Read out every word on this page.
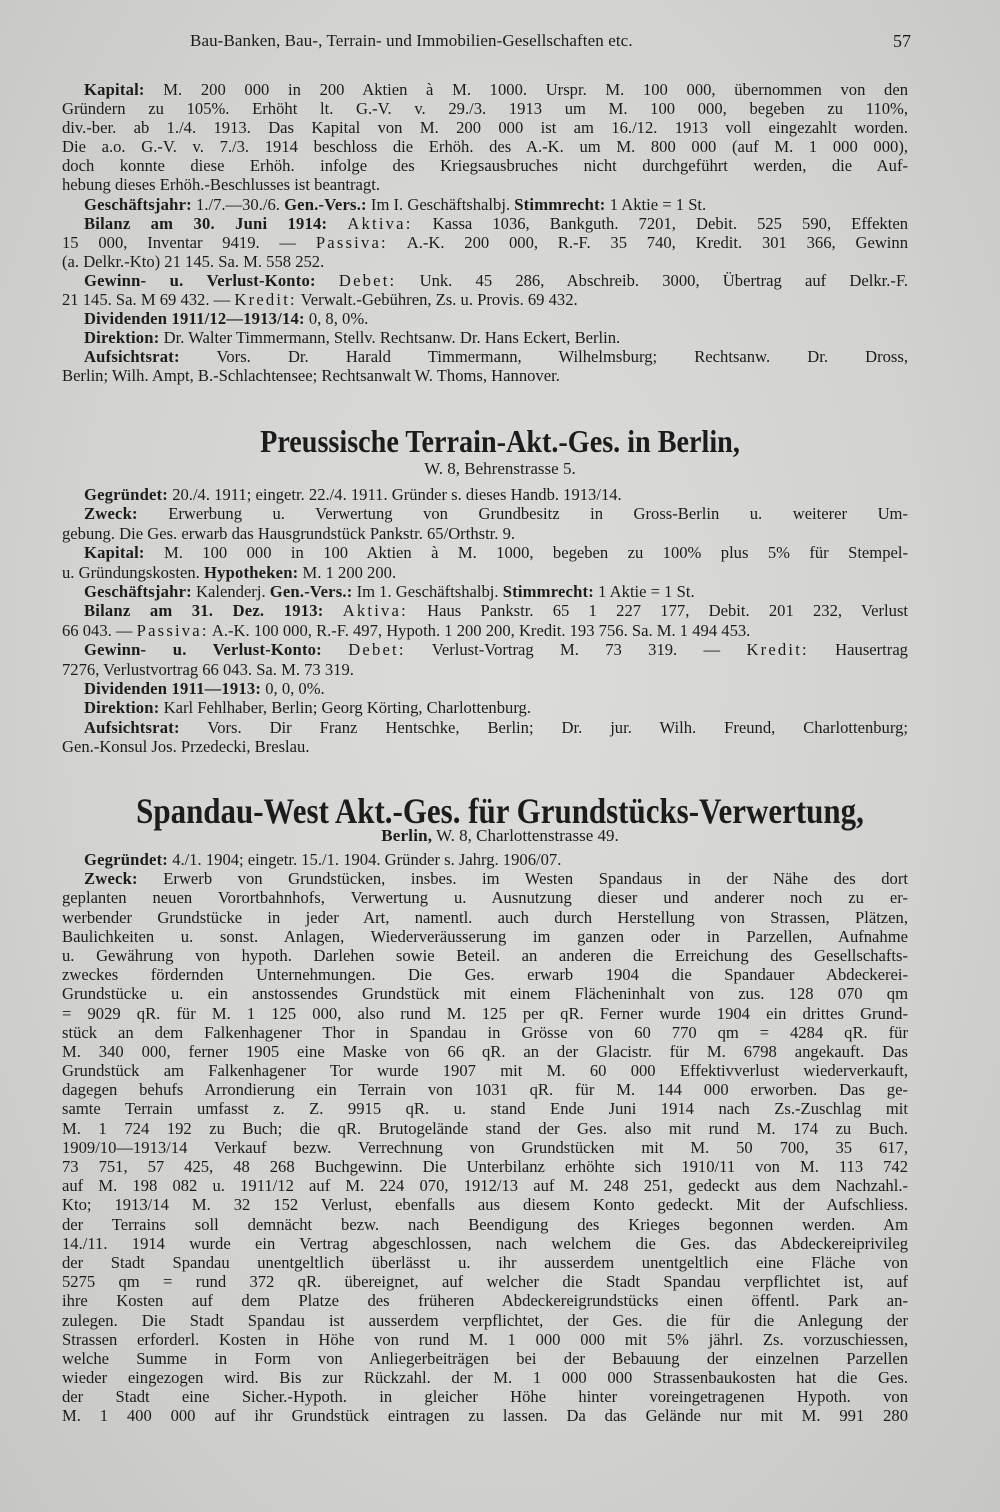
Bau-Banken, Bau-, Terrain- und Immobilien-Gesellschaften etc.	57
Kapital: M. 200 000 in 200 Aktien à M. 1000. Urspr. M. 100 000, übernommen von den
Gründern zu 105%. Erhöht lt. G.-V. v. 29./3. 1913 um M. 100 000, begeben zu 110%,
div.-ber. ab 1./4. 1913. Das Kapital von M. 200 000 ist am 16./12. 1913 voll eingezahlt worden.
Die a.o. G.-V. v. 7./3. 1914 beschloss die Erhöh. des A.-K. um M. 800 000 (auf M. 1 000 000),
doch konnte diese Erhöh. infolge des Kriegsausbruches nicht durchgeführt werden, die Auf-
hebung dieses Erhöh.-Beschlusses ist beantragt.
Geschäftsjahr: 1./7.—30./6. Gen.-Vers.: Im I. Geschäftshalbj. Stimmrecht: 1 Aktie = 1 St.
Bilanz am 30. Juni 1914: Aktiva: Kassa 1036, Bankguth. 7201, Debit. 525 590, Effekten
15 000, Inventar 9419. — Passiva: A.-K. 200 000, R.-F. 35 740, Kredit. 301 366, Gewinn
(a. Delkr.-Kto) 21 145. Sa. M. 558 252.
Gewinn- u. Verlust-Konto: Debet: Unk. 45 286, Abschreib. 3000, Übertrag auf Delkr.-F.
21 145. Sa. M 69 432. — Kredit: Verwalt.-Gebühren, Zs. u. Provis. 69 432.
Dividenden 1911/12—1913/14: 0, 8, 0%.
Direktion: Dr. Walter Timmermann, Stellv. Rechtsanw. Dr. Hans Eckert, Berlin.
Aufsichtsrat: Vors. Dr. Harald Timmermann, Wilhelmsburg; Rechtsanw. Dr. Dross,
Berlin; Wilh. Ampt, B.-Schlachtensee; Rechtsanwalt W. Thoms, Hannover.
Preussische Terrain-Akt.-Ges. in Berlin,
W. 8, Behrenstrasse 5.
Gegründet: 20./4. 1911; eingetr. 22./4. 1911. Gründer s. dieses Handb. 1913/14.
Zweck: Erwerbung u. Verwertung von Grundbesitz in Gross-Berlin u. weiterer Um-
gebung. Die Ges. erwarb das Hausgrundstück Pankstr. 65/Orthstr. 9.
Kapital: M. 100 000 in 100 Aktien à M. 1000, begeben zu 100% plus 5% für Stempel-
u. Gründungskosten. Hypotheken: M. 1 200 200.
Geschäftsjahr: Kalenderj. Gen.-Vers.: Im 1. Geschäftshalbj. Stimmrecht: 1 Aktie = 1 St.
Bilanz am 31. Dez. 1913: Aktiva: Haus Pankstr. 65 1 227 177, Debit. 201 232, Verlust
66 043. — Passiva: A.-K. 100 000, R.-F. 497, Hypoth. 1 200 200, Kredit. 193 756. Sa. M. 1 494 453.
Gewinn- u. Verlust-Konto: Debet: Verlust-Vortrag M. 73 319. — Kredit: Hausertrag
7276, Verlustvortrag 66 043. Sa. M. 73 319.
Dividenden 1911—1913: 0, 0, 0%.
Direktion: Karl Fehlhaber, Berlin; Georg Körting, Charlottenburg.
Aufsichtsrat: Vors. Dir Franz Hentschke, Berlin; Dr. jur. Wilh. Freund, Charlottenburg;
Gen.-Konsul Jos. Przedecki, Breslau.
Spandau-West Akt.-Ges. für Grundstücks-Verwertung,
Berlin, W. 8, Charlottenstrasse 49.
Gegründet: 4./1. 1904; eingetr. 15./1. 1904. Gründer s. Jahrg. 1906/07.
Zweck: Erwerb von Grundstücken, insbes. im Westen Spandaus in der Nähe des dort
geplanten neuen Vorortbahnhofs, Verwertung u. Ausnutzung dieser und anderer noch zu er-
werbender Grundstücke in jeder Art, namentl. auch durch Herstellung von Strassen, Plätzen,
Baulichkeiten u. sonst. Anlagen, Wiederveräusserung im ganzen oder in Parzellen, Aufnahme
u. Gewährung von hypoth. Darlehen sowie Beteil. an anderen die Erreichung des Gesellschafts-
zweckes fördernden Unternehmungen. Die Ges. erwarb 1904 die Spandauer Abdeckerei-
Grundstücke u. ein anstossendes Grundstück mit einem Flächeninhalt von zus. 128 070 qm
= 9029 qR. für M. 1 125 000, also rund M. 125 per qR. Ferner wurde 1904 ein drittes Grund-
stück an dem Falkenhagener Thor in Spandau in Grösse von 60 770 qm = 4284 qR. für
M. 340 000, ferner 1905 eine Maske von 66 qR. an der Glacistr. für M. 6798 angekauft. Das
Grundstück am Falkenhagener Tor wurde 1907 mit M. 60 000 Effektivverlust wiederverkauft,
dagegen behufs Arrondierung ein Terrain von 1031 qR. für M. 144 000 erworben. Das ge-
samte Terrain umfasst z. Z. 9915 qR. u. stand Ende Juni 1914 nach Zs.-Zuschlag mit
M. 1 724 192 zu Buch; die qR. Brutogelände stand der Ges. also mit rund M. 174 zu Buch.
1909/10—1913/14 Verkauf bezw. Verrechnung von Grundstücken mit M. 50 700, 35 617,
73 751, 57 425, 48 268 Buchgewinn. Die Unterbilanz erhöhte sich 1910/11 von M. 113 742
auf M. 198 082 u. 1911/12 auf M. 224 070, 1912/13 auf M. 248 251, gedeckt aus dem Nachzahl.-
Kto; 1913/14 M. 32 152 Verlust, ebenfalls aus diesem Konto gedeckt. Mit der Aufschliess.
der Terrains soll demnächt bezw. nach Beendigung des Krieges begonnen werden. Am
14./11. 1914 wurde ein Vertrag abgeschlossen, nach welchem die Ges. das Abdeckereiprivileg
der Stadt Spandau unentgeltlich überlässt u. ihr ausserdem unentgeltlich eine Fläche von
5275 qm = rund 372 qR. übereignet, auf welcher die Stadt Spandau verpflichtet ist, auf
ihre Kosten auf dem Platze des früheren Abdeckereigrundstücks einen öffentl. Park an-
zulegen. Die Stadt Spandau ist ausserdem verpflichtet, der Ges. die für die Anlegung der
Strassen erforderl. Kosten in Höhe von rund M. 1 000 000 mit 5% jährl. Zs. vorzuschiessen,
welche Summe in Form von Anliegerbeiträgen bei der Bebauung der einzelnen Parzellen
wieder eingezogen wird. Bis zur Rückzahl. der M. 1 000 000 Strassenbaukosten hat die Ges.
der Stadt eine Sicher.-Hypoth. in gleicher Höhe hinter voreingetragenen Hypoth. von
M. 1 400 000 auf ihr Grundstück eintragen zu lassen. Da das Gelände nur mit M. 991 280
